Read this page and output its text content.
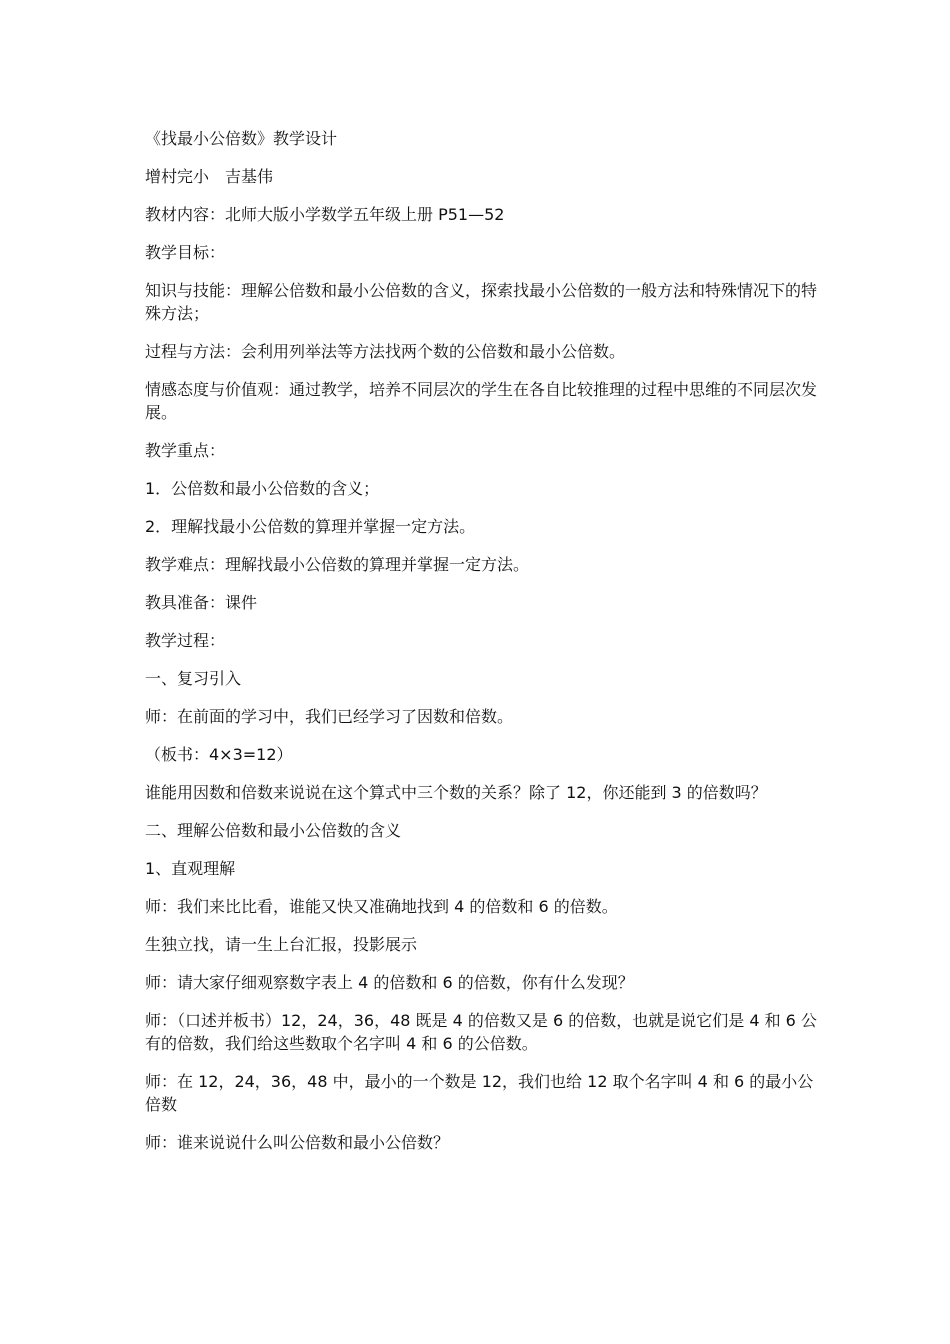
《找最小公倍数》教学设计

增村完小　吉基伟

教材内容：北师大版小学数学五年级上册 P51—52

教学目标：

知识与技能：理解公倍数和最小公倍数的含义，探索找最小公倍数的一般方法和特殊情况下的特殊方法；

过程与方法：会利用列举法等方法找两个数的公倍数和最小公倍数。

情感态度与价值观：通过教学，培养不同层次的学生在各自比较推理的过程中思维的不同层次发展。

教学重点：

1．公倍数和最小公倍数的含义；

2．理解找最小公倍数的算理并掌握一定方法。

教学难点：理解找最小公倍数的算理并掌握一定方法。

教具准备：课件

教学过程：

一、复习引入

师：在前面的学习中，我们已经学习了因数和倍数。

（板书：4×3=12）

谁能用因数和倍数来说说在这个算式中三个数的关系？除了 12，你还能到 3 的倍数吗？

二、理解公倍数和最小公倍数的含义

1、直观理解

师：我们来比比看，谁能又快又准确地找到 4 的倍数和 6 的倍数。

生独立找，请一生上台汇报，投影展示

师：请大家仔细观察数字表上 4 的倍数和 6 的倍数，你有什么发现？

师：（口述并板书）12，24，36，48 既是 4 的倍数又是 6 的倍数，也就是说它们是 4 和 6 公有的倍数，我们给这些数取个名字叫 4 和 6 的公倍数。

师：在 12，24，36，48 中，最小的一个数是 12，我们也给 12 取个名字叫 4 和 6 的最小公倍数

师：谁来说说什么叫公倍数和最小公倍数？
